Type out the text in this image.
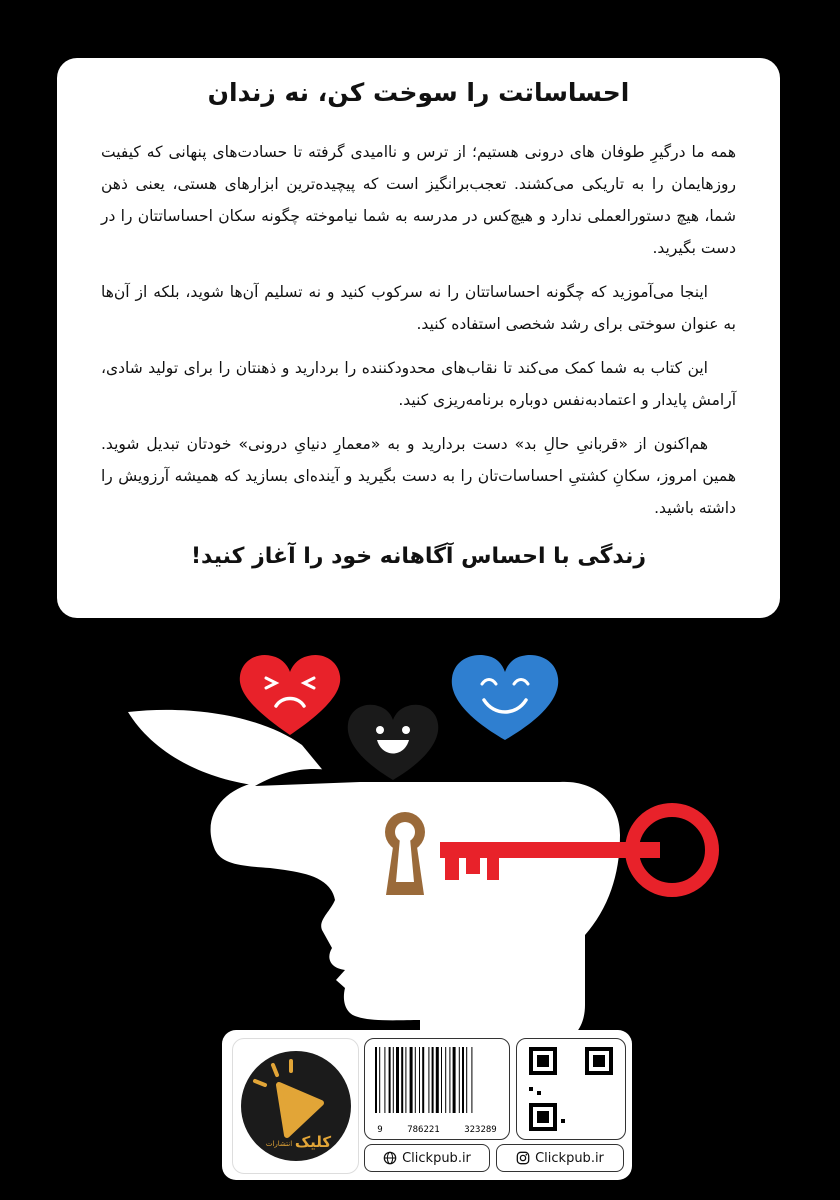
احساساتت را سوخت کن، نه زندان

همه ما درگیرِ طوفان های درونی هستیم؛ از ترس و ناامیدی گرفته تا حسادت‌های پنهانی که کیفیت روزهایمان را به تاریکی می‌کشند. تعجب‌برانگیز است که پیچیده‌ترین ابزارهای هستی، یعنی ذهن شما، هیچ دستورالعملی ندارد و هیچ‌کس در مدرسه به شما نیاموخته چگونه سکان احساساتتان را در دست بگیرید.

اینجا می‌آموزید که چگونه احساساتتان را نه سرکوب کنید و نه تسلیم آن‌ها شوید، بلکه از آن‌ها به عنوان سوختی برای رشد شخصی استفاده کنید.

این کتاب به شما کمک می‌کند تا نقاب‌های محدودکننده را بردارید و ذهنتان را برای تولید شادی، آرامش پایدار و اعتمادبه‌نفس دوباره برنامه‌ریزی کنید.

هم‌اکنون از «قربانیِ حالِ بد» دست بردارید و به «معمارِ دنیایِ درونی» خودتان تبدیل شوید. همین امروز، سکانِ کشتیِ احساسات‌تان را به دست بگیرید و آینده‌ای بسازید که همیشه آرزویش را داشته باشید.

زندگی با احساس آگاهانه خود را آغاز کنید!
کلیک
انتشارات
9	786221	323289
Clickpub.ir	Clickpub.ir
